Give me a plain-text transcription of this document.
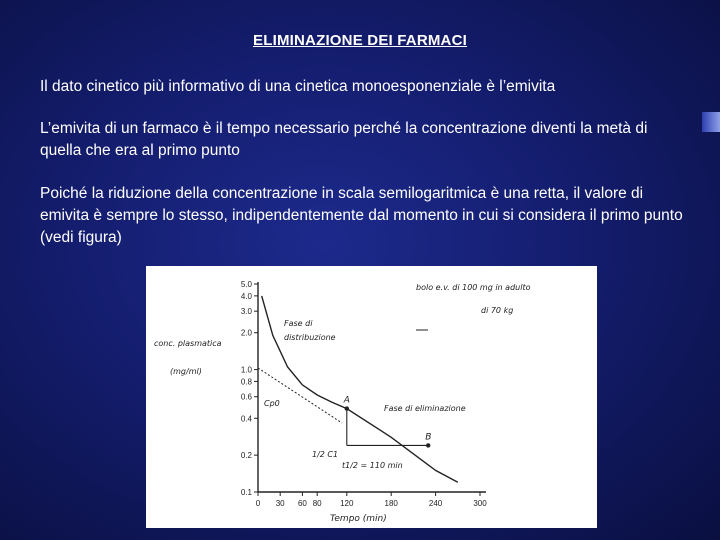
ELIMINAZIONE DEI FARMACI
Il dato cinetico più informativo di una cinetica monoesponenziale è l’emivita
L’emivita di un farmaco è il tempo necessario perché la concentrazione diventi la metà di quella che era al primo punto
Poiché la riduzione della concentrazione in scala semilogaritmica è una retta, il valore di emivita è sempre lo stesso, indipendentemente dal momento in cui si considera il primo punto (vedi figura)
5.0
4.0
3.0
2.0
1.0
0.8
0.6
0.4
0.2
0.1
0 30 60 80 120	180	240	300
bolo e.v. di 100 mg in adulto
di 70 kg
conc. plasmatica
(mg/ml)
Tempo (min)
Fase di
distribuzione
Fase di eliminazione
Cp0	A
B
1/2 C1
t1/2 = 110 min
